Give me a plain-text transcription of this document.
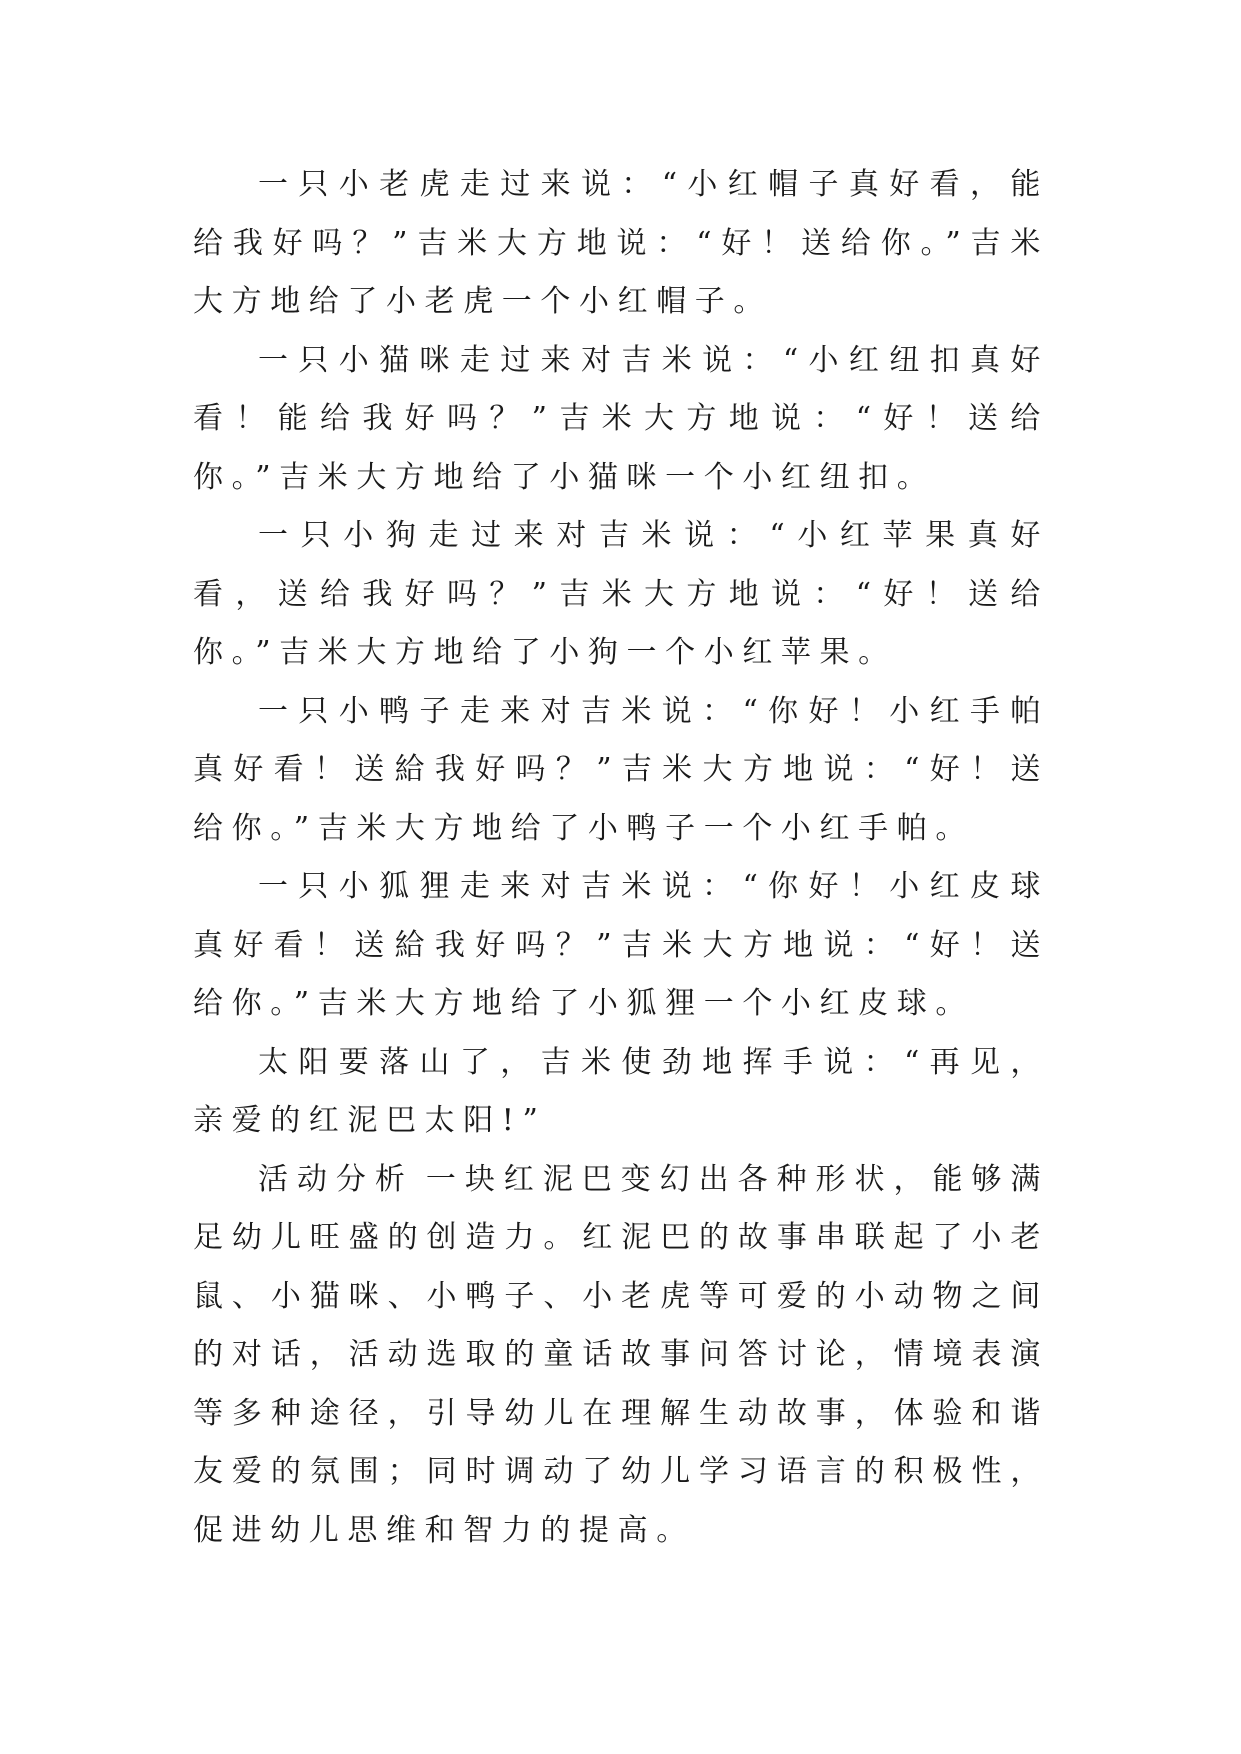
一只小老虎走过来说：“小红帽子真好看，能给我好吗？”吉米大方地说：“好！送给你。”吉米大方地给了小老虎一个小红帽子。

一只小猫咪走过来对吉米说：“小红纽扣真好看！能给我好吗？”吉米大方地说：“好！送给你。”吉米大方地给了小猫咪一个小红纽扣。

一只小狗走过来对吉米说：“小红苹果真好看，送给我好吗？”吉米大方地说：“好！送给你。”吉米大方地给了小狗一个小红苹果。

一只小鸭子走来对吉米说：“你好！小红手帕真好看！送給我好吗？”吉米大方地说：“好！送给你。”吉米大方地给了小鸭子一个小红手帕。

一只小狐狸走来对吉米说：“你好！小红皮球真好看！送給我好吗？”吉米大方地说：“好！送给你。”吉米大方地给了小狐狸一个小红皮球。

太阳要落山了，吉米使劲地挥手说：“再见，亲爱的红泥巴太阳!”

活动分析 一块红泥巴变幻出各种形状，能够满足幼儿旺盛的创造力。红泥巴的故事串联起了小老鼠、小猫咪、小鸭子、小老虎等可爱的小动物之间的对话，活动选取的童话故事问答讨论，情境表演等多种途径，引导幼儿在理解生动故事，体验和谐友爱的氛围；同时调动了幼儿学习语言的积极性，促进幼儿思维和智力的提高。
